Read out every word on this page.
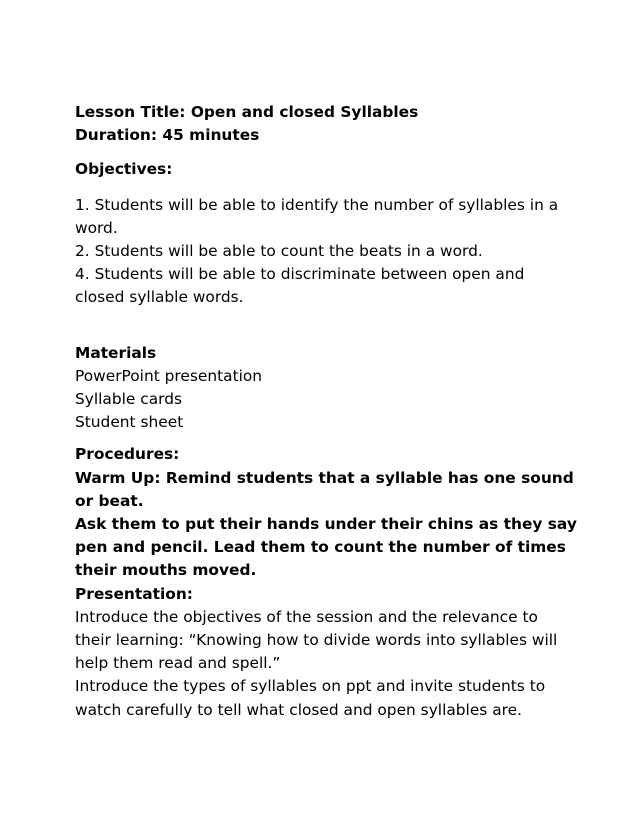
Lesson Title: Open and closed Syllables
Duration: 45 minutes
Objectives:
1. Students will be able to identify the number of syllables in a
word.
2. Students will be able to count the beats in a word.
4. Students will be able to discriminate between open and
closed syllable words.
Materials
PowerPoint presentation
Syllable cards
Student sheet
Procedures:
Warm Up: Remind students that a syllable has one sound
or beat.
Ask them to put their hands under their chins as they say
pen and pencil. Lead them to count the number of times
their mouths moved.
Presentation:
Introduce the objectives of the session and the relevance to
their learning: “Knowing how to divide words into syllables will
help them read and spell.”
Introduce the types of syllables on ppt and invite students to
watch carefully to tell what closed and open syllables are.
